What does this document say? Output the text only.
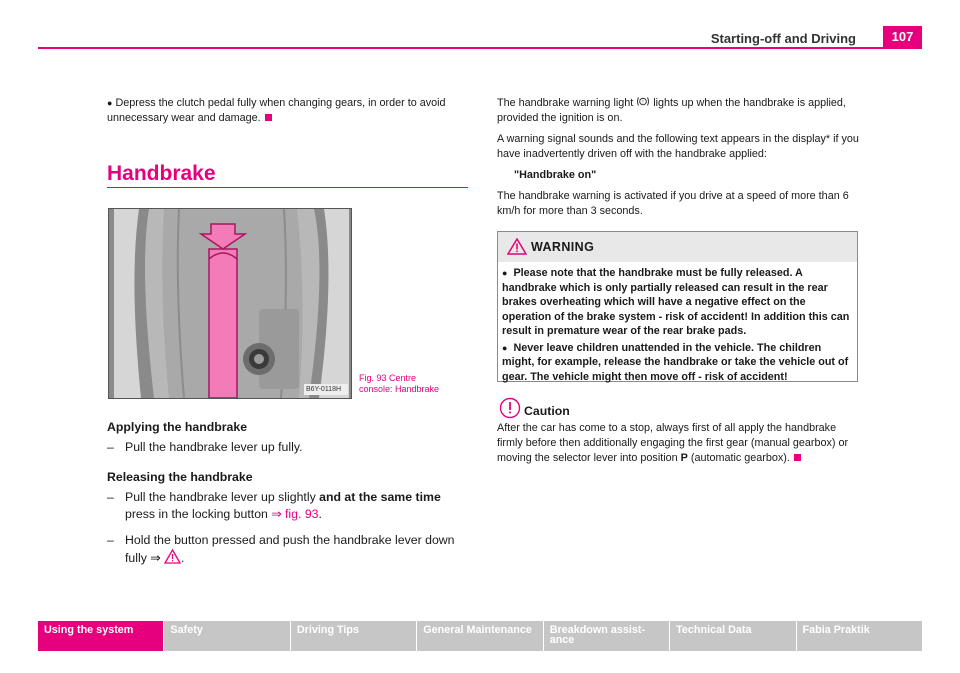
Starting-off and Driving	107

● Depress the clutch pedal fully when changing gears, in order to avoid unnecessary wear and damage.

Handbrake
B6Y-0118H
Fig. 93 Centre
console: Handbrake
Applying the handbrake
– Pull the handbrake lever up fully.
Releasing the handbrake
– Pull the handbrake lever up slightly and at the same time
press in the locking button ⇒ fig. 93.
– Hold the button pressed and push the handbrake lever down
fully ⇒ .

The handbrake warning light ! lights up when the handbrake is applied, provided the ignition is on.

A warning signal sounds and the following text appears in the display* if you have inadvertently driven off with the handbrake applied:

"Handbrake on"

The handbrake warning is activated if you drive at a speed of more than 6 km/h for more than 3 seconds.

WARNING

● Please note that the handbrake must be fully released. A handbrake which is only partially released can result in the rear brakes overheating which will have a negative effect on the operation of the brake system - risk of accident! In addition this can result in premature wear of the rear brake pads.

● Never leave children unattended in the vehicle. The children might, for example, release the handbrake or take the vehicle out of gear. The vehicle might then move off - risk of accident!

Caution
After the car has come to a stop, always first of all apply the handbrake firmly before then additionally engaging the first gear (manual gearbox) or moving the selector lever into position P (automatic gearbox).
Using the system	Safety	Driving Tips	General Maintenance	Breakdown assist-
ance
Technical Data	Fabia Praktik
